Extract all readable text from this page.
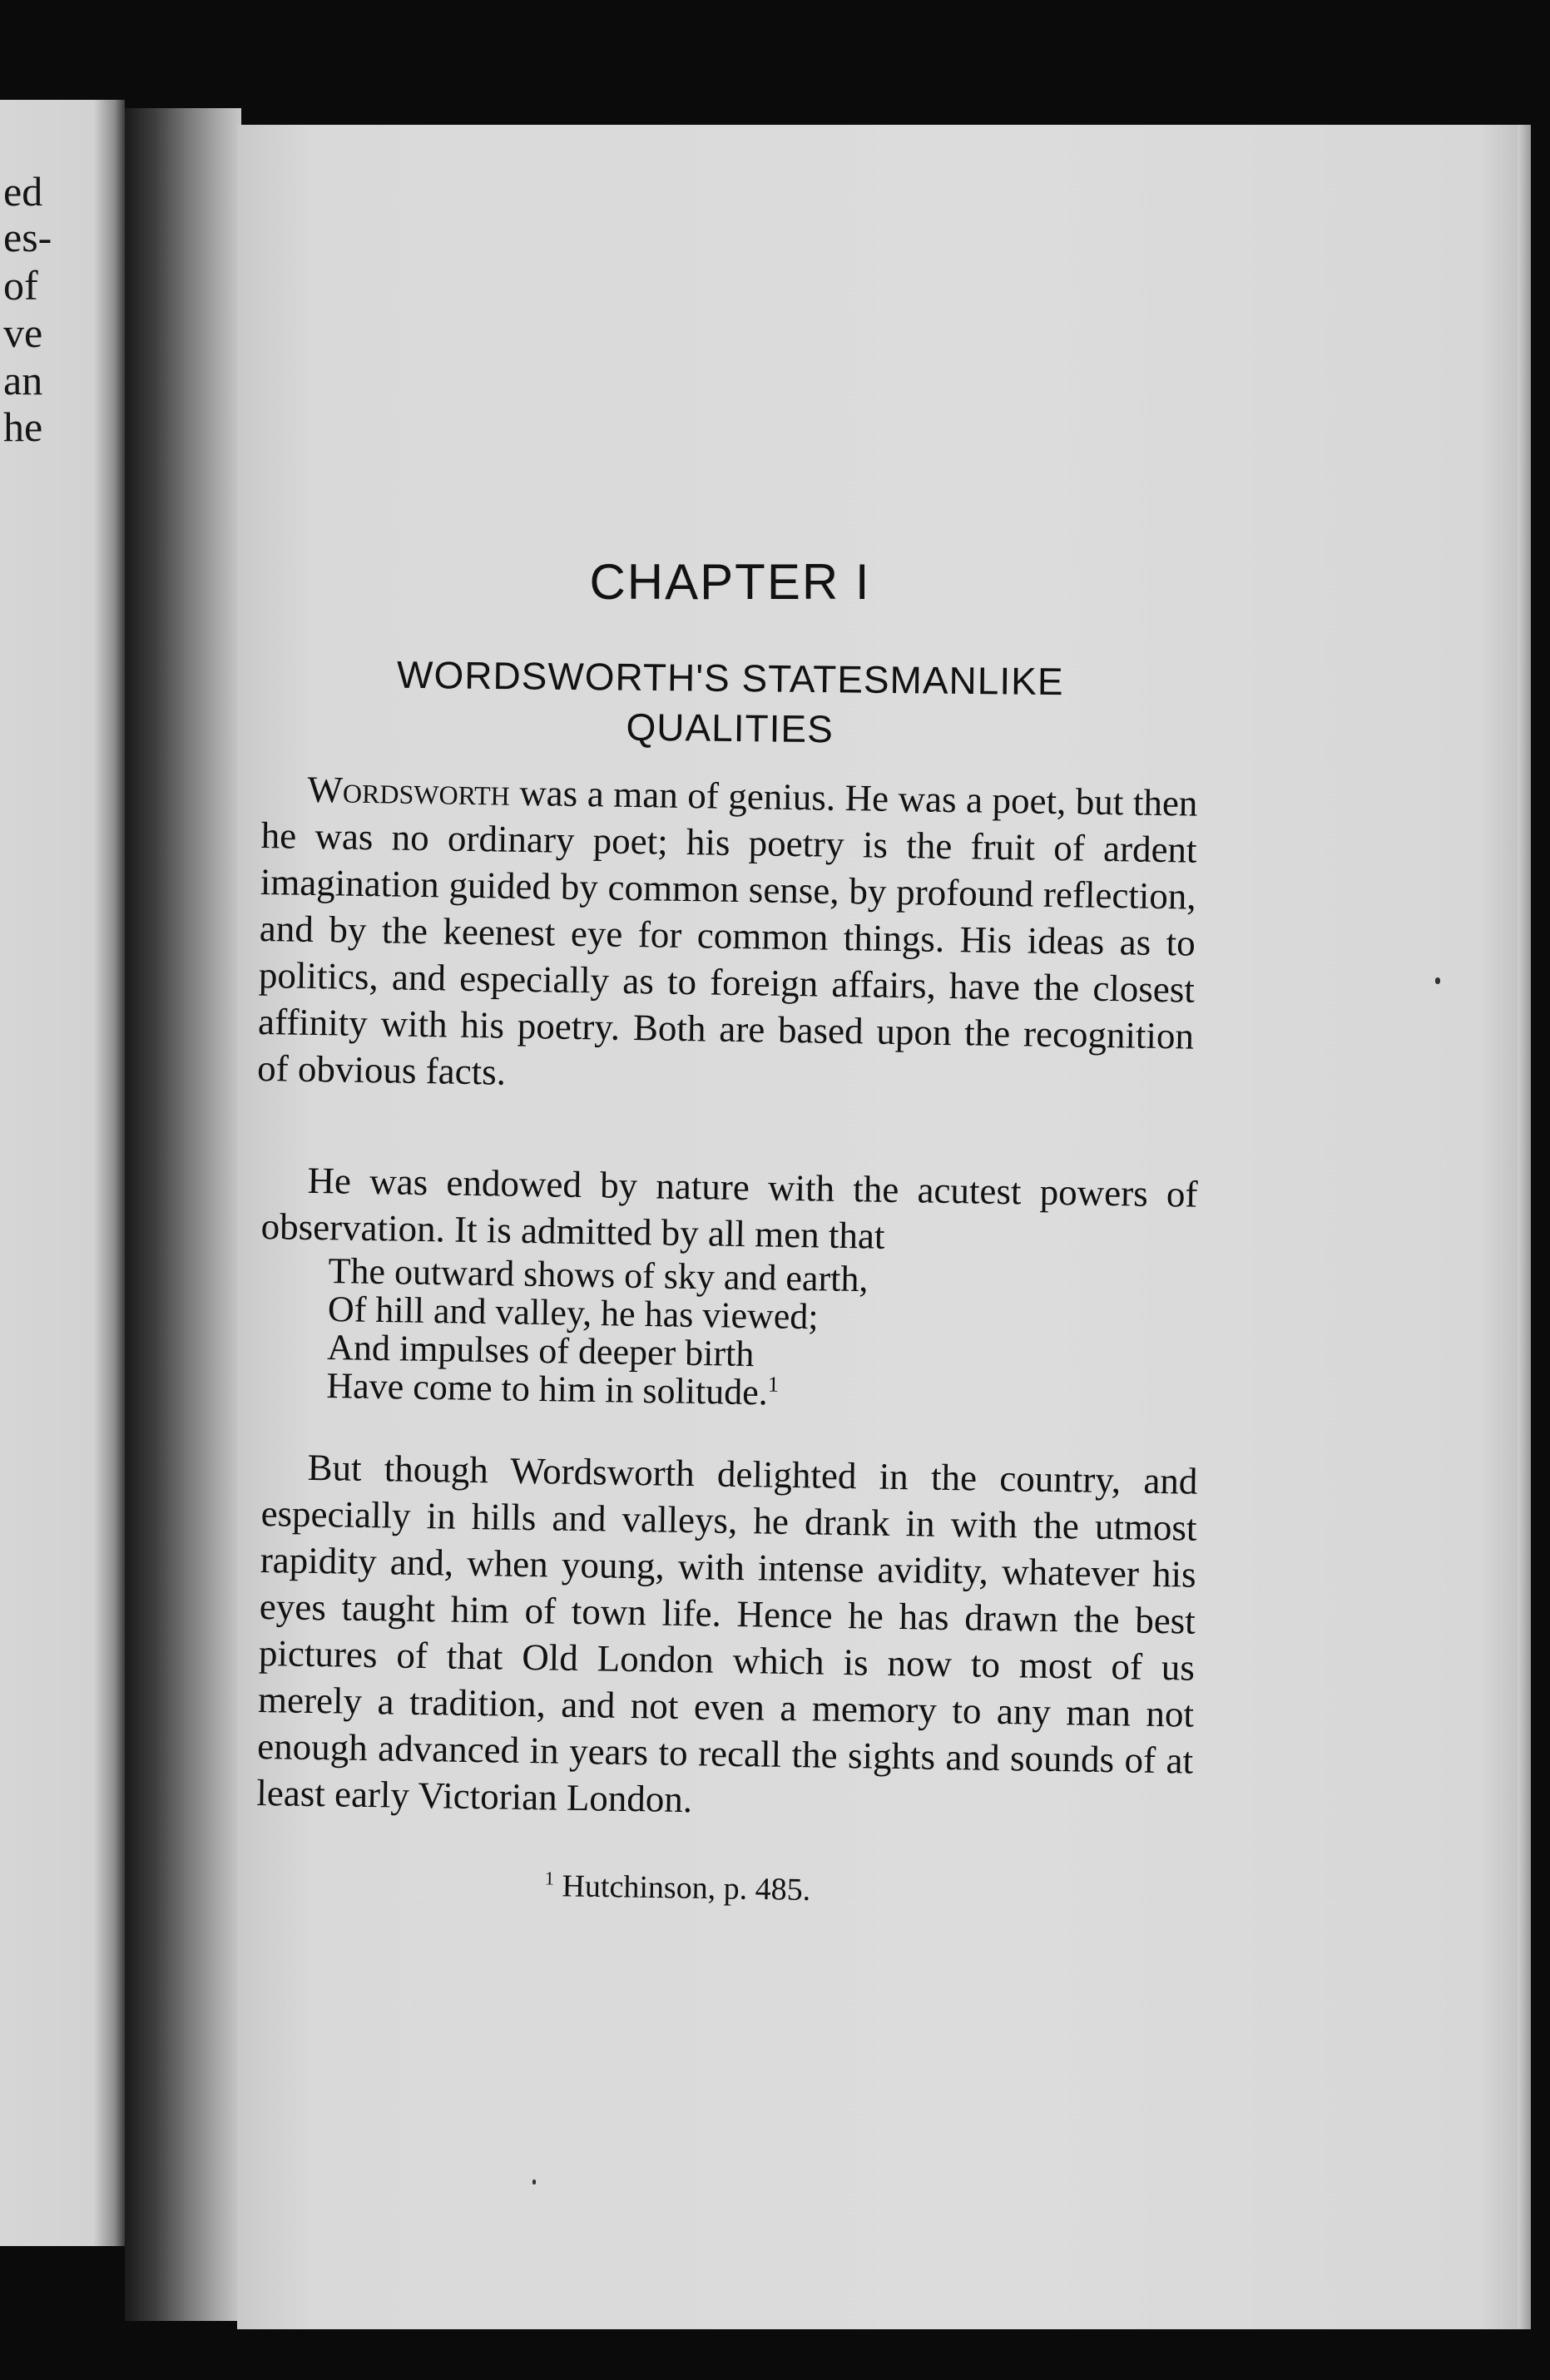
ed
es-
of
ve
an
he
CHAPTER I
WORDSWORTH'S STATESMANLIKE
QUALITIES

Wordsworth was a man of genius. He was a poet, but then he was no ordinary poet; his poetry is the fruit of ardent imagination guided by common sense, by profound reflection, and by the keenest eye for common things. His ideas as to politics, and especially as to foreign affairs, have the closest affinity with his poetry. Both are based upon the recognition of obvious facts.

He was endowed by nature with the acutest powers of observation. It is admitted by all men that

The outward shows of sky and earth,
Of hill and valley, he has viewed;
And impulses of deeper birth
Have come to him in solitude.$^1$

But though Wordsworth delighted in the country, and especially in hills and valleys, he drank in with the utmost rapidity and, when young, with intense avidity, whatever his eyes taught him of town life. Hence he has drawn the best pictures of that Old London which is now to most of us merely a tradition, and not even a memory to any man not enough advanced in years to recall the sights and sounds of at least early Victorian London.

$^1$ Hutchinson, p. 485.
